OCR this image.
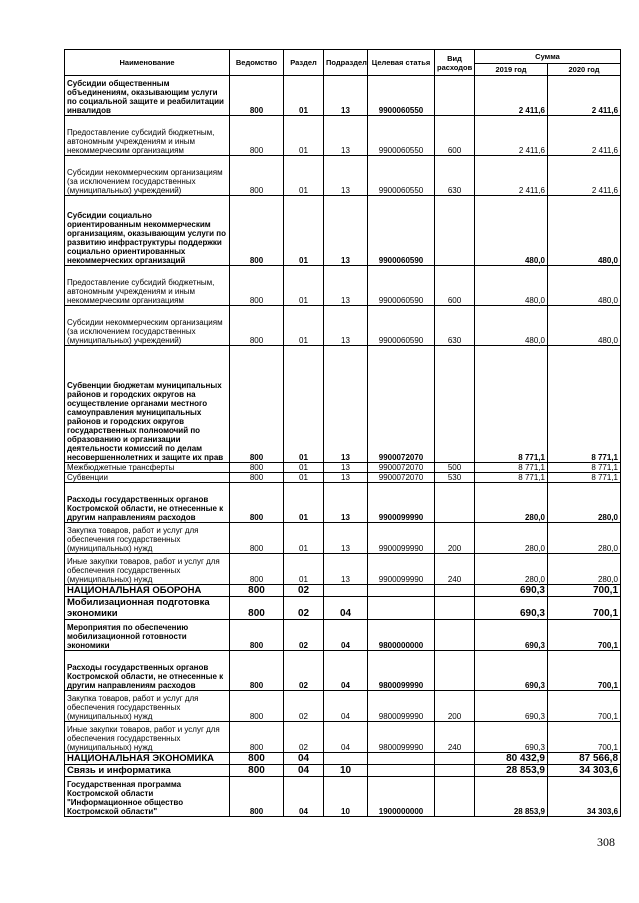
Наименование	Ведомство	Раздел	Подраздел	Целевая статья	Вид расходов	Сумма	
						2019 год	2020 год
Субсидии общественным объединениям, оказывающим услуги по социальной защите и реабилитации инвалидов	800	01	13	9900060550		2 411,6	2 411,6
Предоставление субсидий бюджетным, автономным учреждениям и иным некоммерческим организациям	800	01	13	9900060550	600	2 411,6	2 411,6
Субсидии некоммерческим организациям (за исключением государственных (муниципальных) учреждений)	800	01	13	9900060550	630	2 411,6	2 411,6
Субсидии социально ориентированным некоммерческим организациям, оказывающим услуги по развитию инфраструктуры поддержки социально ориентированных некоммерческих организаций	800	01	13	9900060590		480,0	480,0
Предоставление субсидий бюджетным, автономным учреждениям и иным некоммерческим организациям	800	01	13	9900060590	600	480,0	480,0
Субсидии некоммерческим организациям (за исключением государственных (муниципальных) учреждений)	800	01	13	9900060590	630	480,0	480,0
Субвенции бюджетам муниципальных районов и городских округов на осуществление органами местного самоуправления муниципальных районов и городских округов государственных полномочий по образованию и организации деятельности комиссий по делам несовершеннолетних и защите их прав	800	01	13	9900072070		8 771,1	8 771,1
Межбюджетные трансферты	800	01	13	9900072070	500	8 771,1	8 771,1
Субвенции	800	01	13	9900072070	530	8 771,1	8 771,1
Расходы государственных органов Костромской области, не отнесенные к другим направлениям расходов	800	01	13	9900099990		280,0	280,0
Закупка товаров, работ и услуг для обеспечения государственных (муниципальных) нужд	800	01	13	9900099990	200	280,0	280,0
Иные закупки товаров, работ и услуг для обеспечения государственных (муниципальных) нужд	800	01	13	9900099990	240	280,0	280,0
НАЦИОНАЛЬНАЯ ОБОРОНА	800	02				690,3	700,1
Мобилизационная подготовка экономики	800	02	04			690,3	700,1
Мероприятия по обеспечению мобилизационной готовности экономики	800	02	04	9800000000		690,3	700,1
Расходы государственных органов Костромской области, не отнесенные к другим направлениям расходов	800	02	04	9800099990		690,3	700,1
Закупка товаров, работ и услуг для обеспечения государственных (муниципальных) нужд	800	02	04	9800099990	200	690,3	700,1
Иные закупки товаров, работ и услуг для обеспечения государственных (муниципальных) нужд	800	02	04	9800099990	240	690,3	700,1
НАЦИОНАЛЬНАЯ ЭКОНОМИКА	800	04				80 432,9	87 566,8
Связь и информатика	800	04	10			28 853,9	34 303,6
Государственная программа Костромской области "Информационное общество Костромской области"	800	04	10	1900000000		28 853,9	34 303,6
308
